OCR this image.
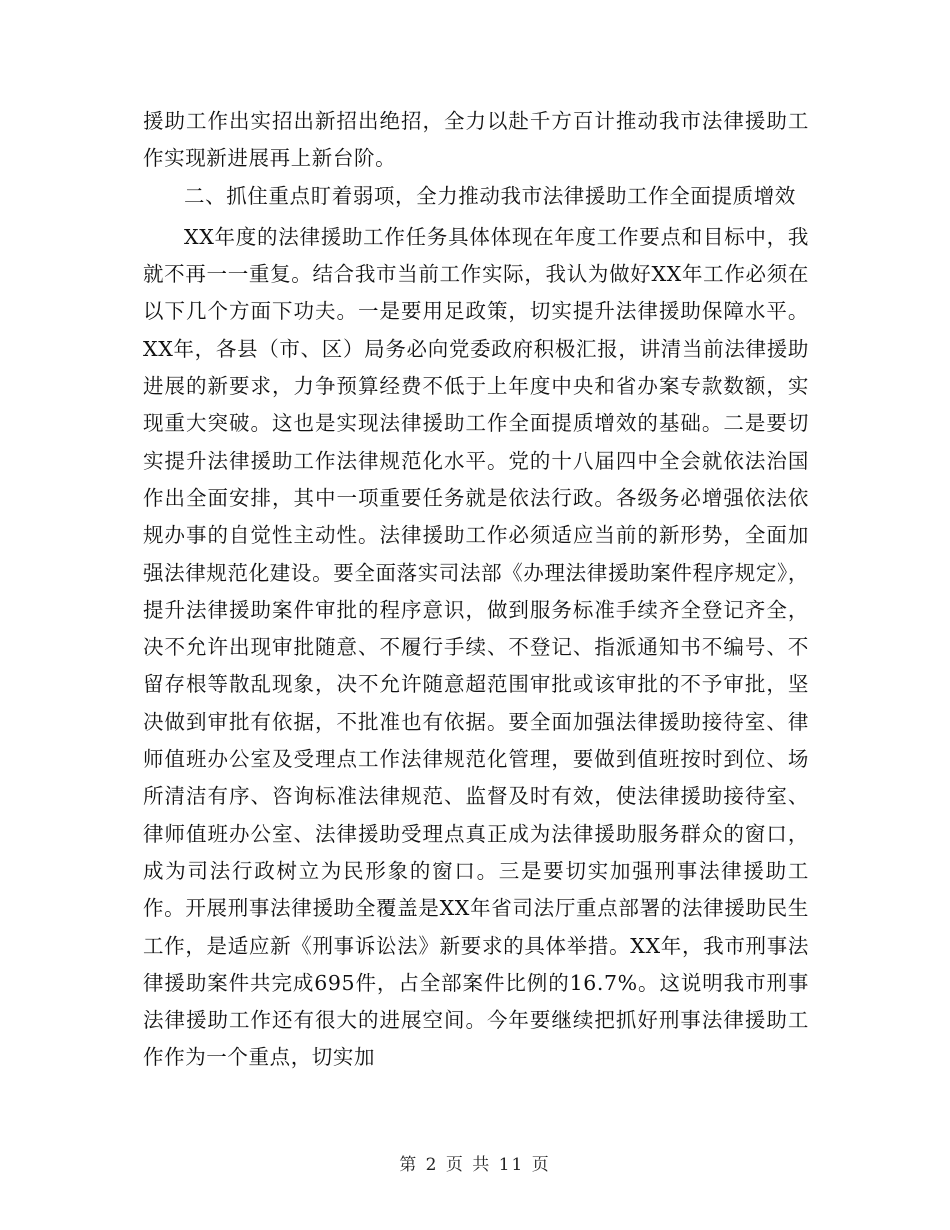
援助工作出实招出新招出绝招，全力以赴千方百计推动我市法律援助工作实现新进展再上新台阶。

二、抓住重点盯着弱项，全力推动我市法律援助工作全面提质增效

XX年度的法律援助工作任务具体体现在年度工作要点和目标中，我就不再一一重复。结合我市当前工作实际，我认为做好XX年工作必须在以下几个方面下功夫。一是要用足政策，切实提升法律援助保障水平。XX年，各县（市、区）局务必向党委政府积极汇报，讲清当前法律援助进展的新要求，力争预算经费不低于上年度中央和省办案专款数额，实现重大突破。这也是实现法律援助工作全面提质增效的基础。二是要切实提升法律援助工作法律规范化水平。党的十八届四中全会就依法治国作出全面安排，其中一项重要任务就是依法行政。各级务必增强依法依规办事的自觉性主动性。法律援助工作必须适应当前的新形势，全面加强法律规范化建设。要全面落实司法部《办理法律援助案件程序规定》，提升法律援助案件审批的程序意识，做到服务标准手续齐全登记齐全，决不允许出现审批随意、不履行手续、不登记、指派通知书不编号、不留存根等散乱现象，决不允许随意超范围审批或该审批的不予审批，坚决做到审批有依据，不批准也有依据。要全面加强法律援助接待室、律师值班办公室及受理点工作法律规范化管理，要做到值班按时到位、场所清洁有序、咨询标准法律规范、监督及时有效，使法律援助接待室、律师值班办公室、法律援助受理点真正成为法律援助服务群众的窗口，成为司法行政树立为民形象的窗口。三是要切实加强刑事法律援助工作。开展刑事法律援助全覆盖是XX年省司法厅重点部署的法律援助民生工作，是适应新《刑事诉讼法》新要求的具体举措。XX年，我市刑事法律援助案件共完成695件，占全部案件比例的16.7%。这说明我市刑事法律援助工作还有很大的进展空间。今年要继续把抓好刑事法律援助工作作为一个重点，切实加

第 2 页 共 11 页
